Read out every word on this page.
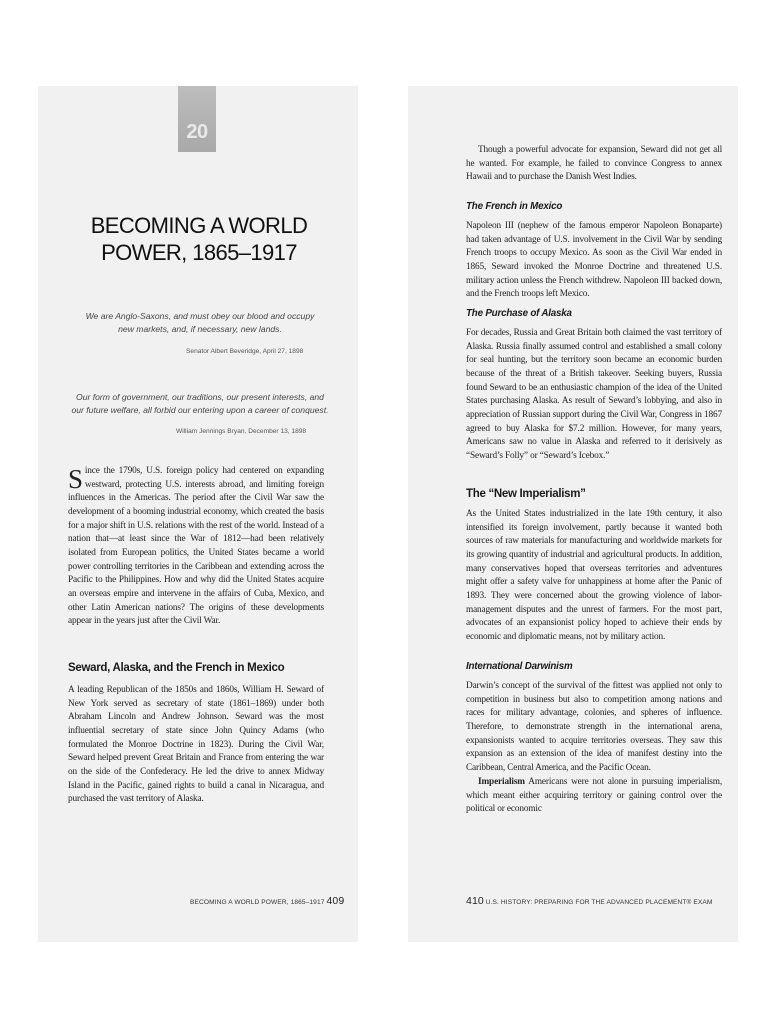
20
BECOMING A WORLD POWER, 1865–1917
We are Anglo-Saxons, and must obey our blood and occupy new markets, and, if necessary, new lands.
Senator Albert Beveridge, April 27, 1898
Our form of government, our traditions, our present interests, and our future welfare, all forbid our entering upon a career of conquest.
William Jennings Bryan, December 13, 1898

Since the 1790s, U.S. foreign policy had centered on expanding westward, protecting U.S. interests abroad, and limiting foreign influences in the Americas. The period after the Civil War saw the development of a booming industrial economy, which created the basis for a major shift in U.S. relations with the rest of the world. Instead of a nation that—at least since the War of 1812—had been relatively isolated from European politics, the United States became a world power controlling territories in the Caribbean and extending across the Pacific to the Philippines. How and why did the United States acquire an overseas empire and intervene in the affairs of Cuba, Mexico, and other Latin American nations? The origins of these developments appear in the years just after the Civil War.

Seward, Alaska, and the French in Mexico

A leading Republican of the 1850s and 1860s, William H. Seward of New York served as secretary of state (1861–1869) under both Abraham Lincoln and Andrew Johnson. Seward was the most influential secretary of state since John Quincy Adams (who formulated the Monroe Doctrine in 1823). During the Civil War, Seward helped prevent Great Britain and France from entering the war on the side of the Confederacy. He led the drive to annex Midway Island in the Pacific, gained rights to build a canal in Nicaragua, and purchased the vast territory of Alaska.

BECOMING A WORLD POWER, 1865–1917 409

Though a powerful advocate for expansion, Seward did not get all he wanted. For example, he failed to convince Congress to annex Hawaii and to purchase the Danish West Indies.

The French in Mexico

Napoleon III (nephew of the famous emperor Napoleon Bonaparte) had taken advantage of U.S. involvement in the Civil War by sending French troops to occupy Mexico. As soon as the Civil War ended in 1865, Seward invoked the Monroe Doctrine and threatened U.S. military action unless the French withdrew. Napoleon III backed down, and the French troops left Mexico.

The Purchase of Alaska

For decades, Russia and Great Britain both claimed the vast territory of Alaska. Russia finally assumed control and established a small colony for seal hunting, but the territory soon became an economic burden because of the threat of a British takeover. Seeking buyers, Russia found Seward to be an enthusiastic champion of the idea of the United States purchasing Alaska. As result of Seward’s lobbying, and also in appreciation of Russian support during the Civil War, Congress in 1867 agreed to buy Alaska for $7.2 million. However, for many years, Americans saw no value in Alaska and referred to it derisively as “Seward’s Folly” or “Seward’s Icebox.”

The “New Imperialism”

As the United States industrialized in the late 19th century, it also intensified its foreign involvement, partly because it wanted both sources of raw materials for manufacturing and worldwide markets for its growing quantity of industrial and agricultural products. In addition, many conservatives hoped that overseas territories and adventures might offer a safety valve for unhappiness at home after the Panic of 1893. They were concerned about the growing violence of labor-management disputes and the unrest of farmers. For the most part, advocates of an expansionist policy hoped to achieve their ends by economic and diplomatic means, not by military action.

International Darwinism

Darwin’s concept of the survival of the fittest was applied not only to competition in business but also to competition among nations and races for military advantage, colonies, and spheres of influence. Therefore, to demonstrate strength in the international arena, expansionists wanted to acquire territories overseas. They saw this expansion as an extension of the idea of manifest destiny into the Caribbean, Central America, and the Pacific Ocean.

Imperialism Americans were not alone in pursuing imperialism, which meant either acquiring territory or gaining control over the political or economic

410 U.S. HISTORY: PREPARING FOR THE ADVANCED PLACEMENT® EXAM
